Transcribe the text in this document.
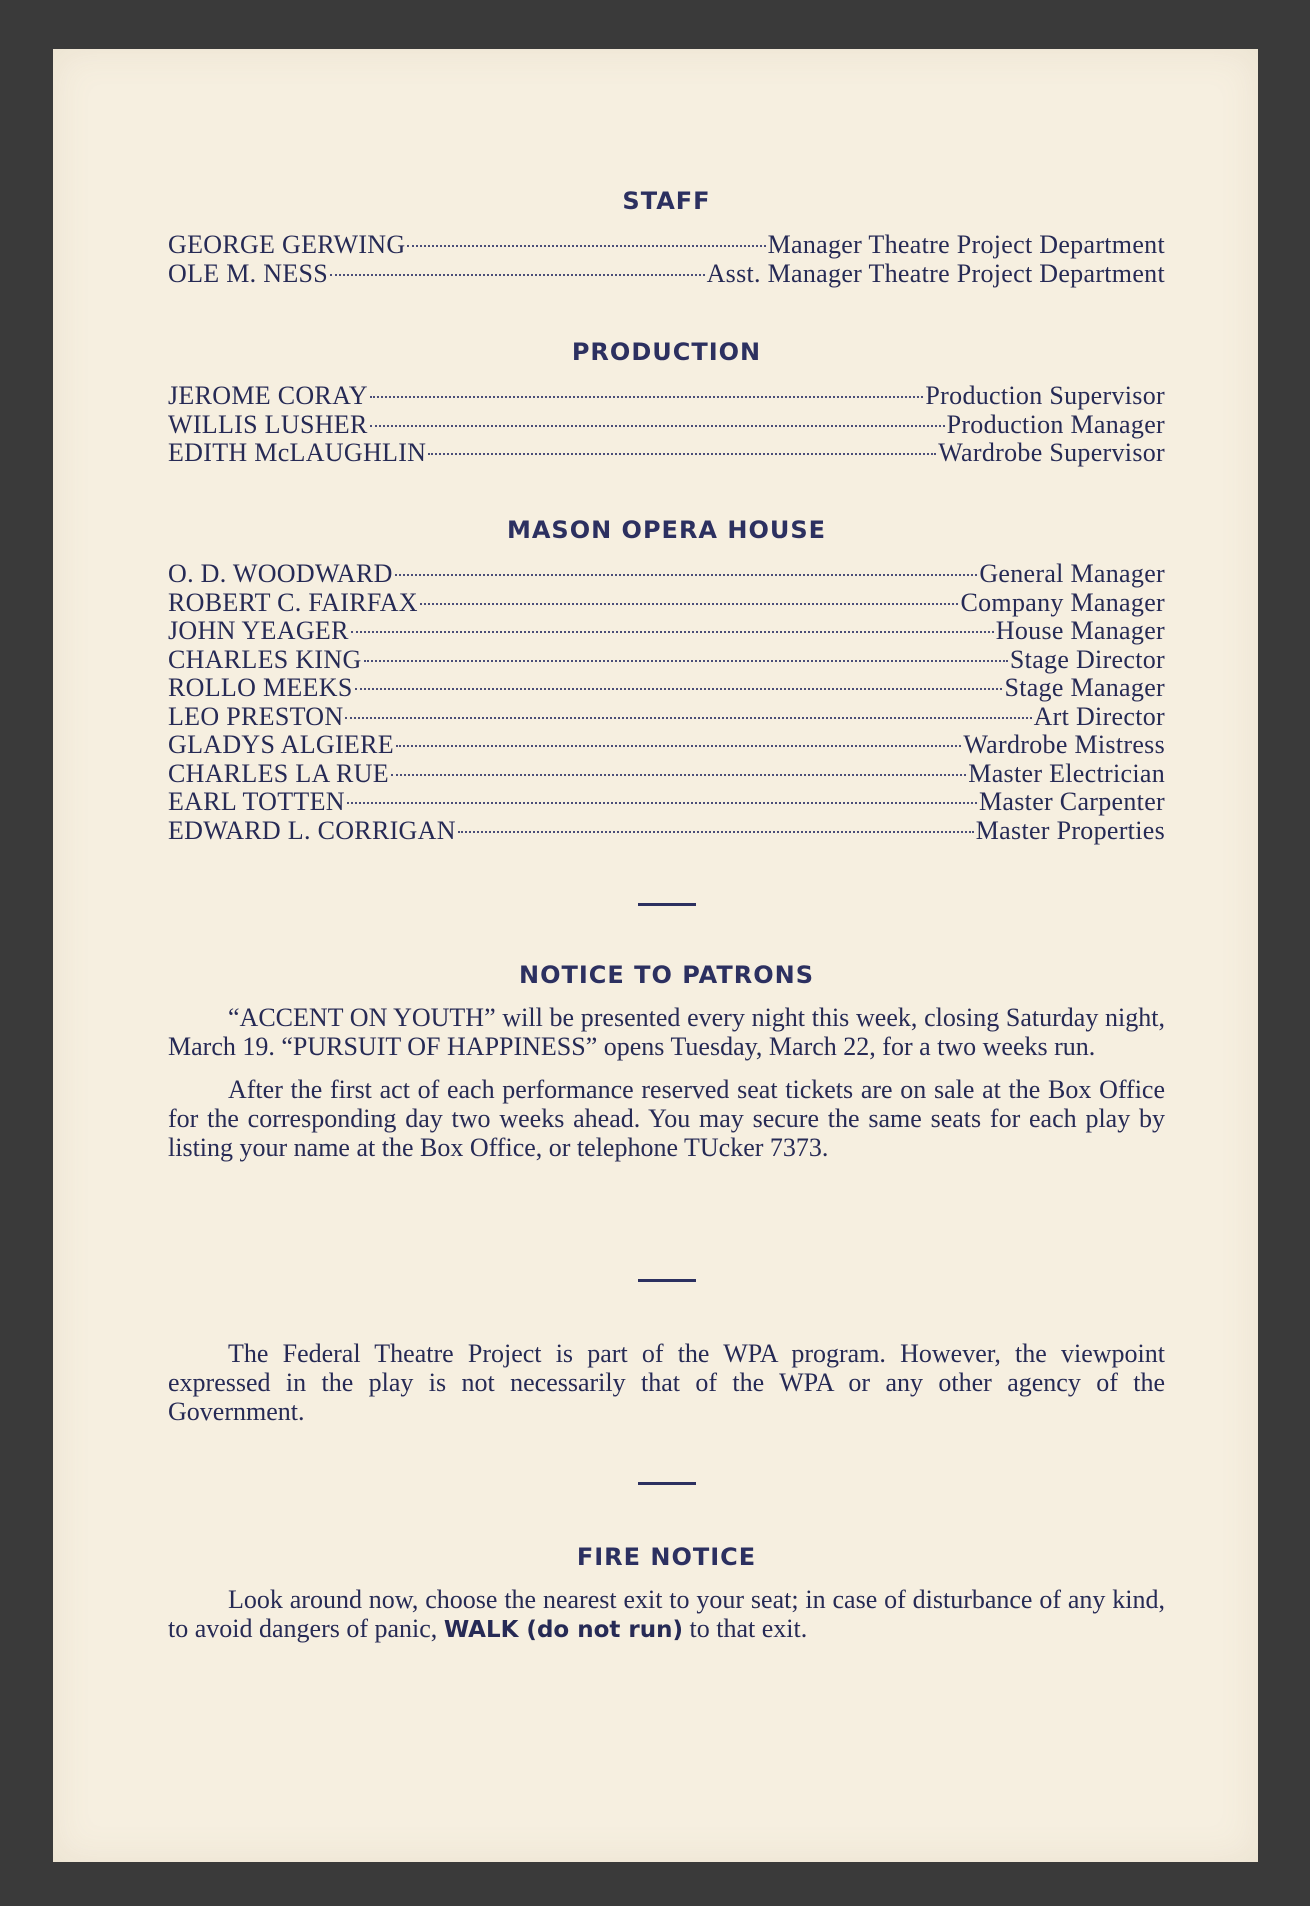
STAFF
GEORGE GERWING	Manager Theatre Project Department
OLE M. NESS	Asst. Manager Theatre Project Department
PRODUCTION
JEROME CORAY	Production Supervisor
WILLIS LUSHER	Production Manager
EDITH McLAUGHLIN	Wardrobe Supervisor
MASON OPERA HOUSE
O. D. WOODWARD	General Manager
ROBERT C. FAIRFAX	Company Manager
JOHN YEAGER	House Manager
CHARLES KING	Stage Director
ROLLO MEEKS	Stage Manager
LEO PRESTON	Art Director
GLADYS ALGIERE	Wardrobe Mistress
CHARLES LA RUE	Master Electrician
EARL TOTTEN	Master Carpenter
EDWARD L. CORRIGAN	Master Properties
NOTICE TO PATRONS

“ACCENT ON YOUTH” will be presented every night this week, closing Saturday night, March 19. “PURSUIT OF HAPPINESS” opens Tuesday, March 22, for a two weeks run.

After the first act of each performance reserved seat tickets are on sale at the Box Office for the corresponding day two weeks ahead. You may secure the same seats for each play by listing your name at the Box Office, or telephone TUcker 7373.

The Federal Theatre Project is part of the WPA program. However, the viewpoint expressed in the play is not necessarily that of the WPA or any other agency of the Government.

FIRE NOTICE

Look around now, choose the nearest exit to your seat; in case of disturbance of any kind, to avoid dangers of panic, WALK (do not run) to that exit.
